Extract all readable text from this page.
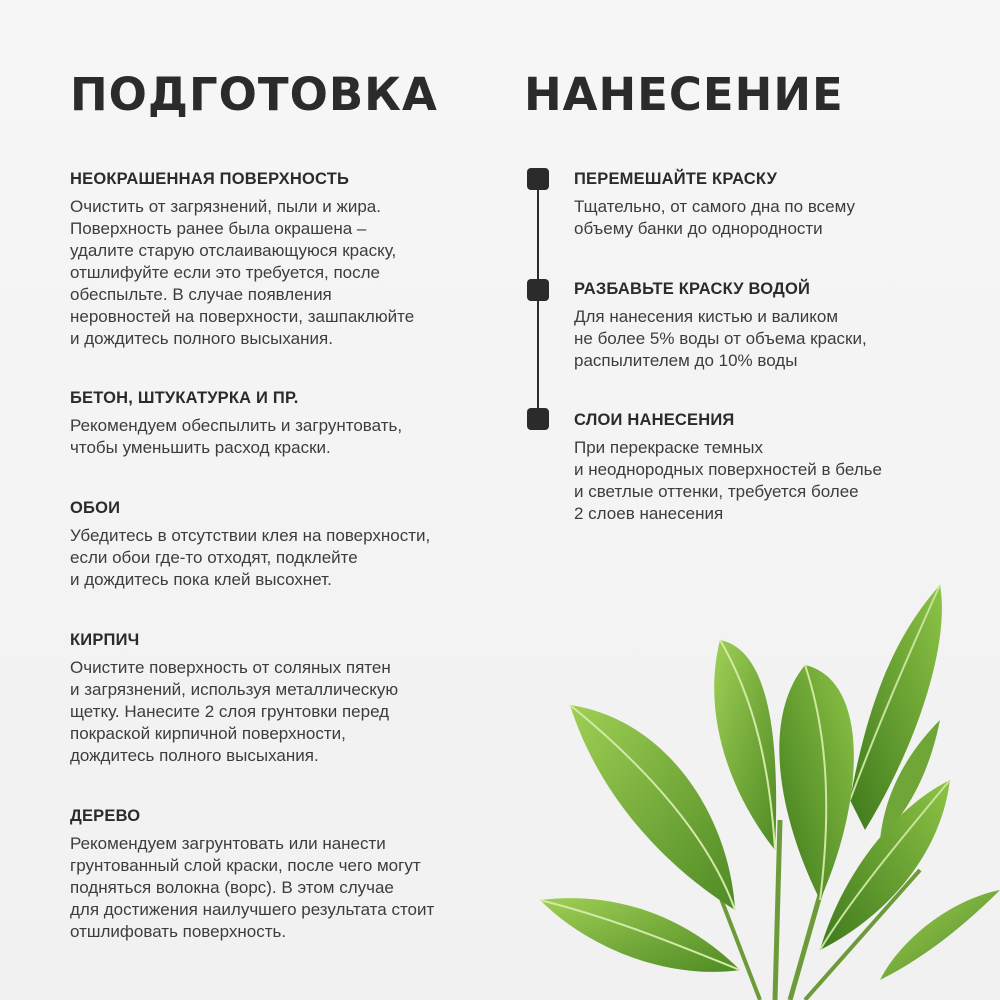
ПОДГОТОВКА НАНЕСЕНИЕ
НЕОКРАШЕННАЯ ПОВЕРХНОСТЬ

Очистить от загрязнений, пыли и жира.
Поверхность ранее была окрашена –
удалите старую отслаивающуюся краску,
отшлифуйте если это требуется, после
обеспыльте. В случае появления
неровностей на поверхности, зашпаклюйте
и дождитесь полного высыхания.

БЕТОН, ШТУКАТУРКА И ПР.

Рекомендуем обеспылить и загрунтовать,
чтобы уменьшить расход краски.

ОБОИ

Убедитесь в отсутствии клея на поверхности,
если обои где-то отходят, подклейте
и дождитесь пока клей высохнет.

КИРПИЧ

Очистите поверхность от соляных пятен
и загрязнений, используя металлическую
щетку. Нанесите 2 слоя грунтовки перед
покраской кирпичной поверхности,
дождитесь полного высыхания.

ДЕРЕВО

Рекомендуем загрунтовать или нанести
грунтованный слой краски, после чего могут
подняться волокна (ворс). В этом случае
для достижения наилучшего результата стоит
отшлифовать поверхность.

ПЕРЕМЕШАЙТЕ КРАСКУ

Тщательно, от самого дна по всему
объему банки до однородности

РАЗБАВЬТЕ КРАСКУ ВОДОЙ

Для нанесения кистью и валиком
не более 5% воды от объема краски,
распылителем до 10% воды

СЛОИ НАНЕСЕНИЯ

При перекраске темных
и неоднородных поверхностей в белье
и светлые оттенки, требуется более
2 слоев нанесения
